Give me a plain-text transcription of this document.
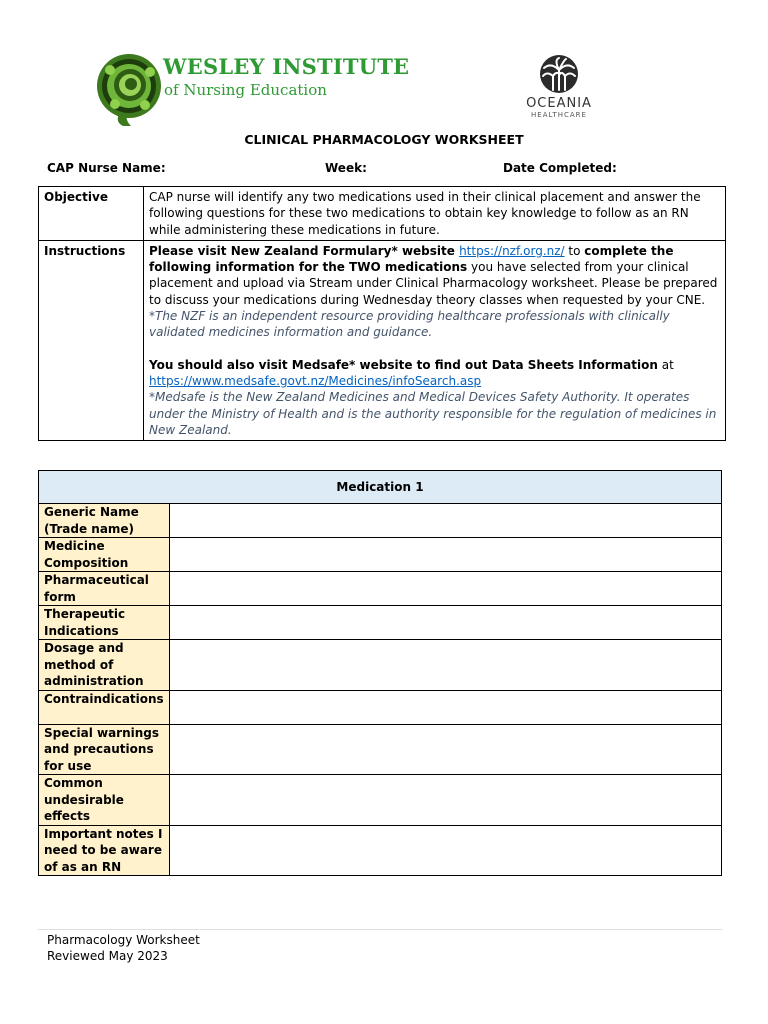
WESLEY INSTITUTE
of Nursing Education
OCEANIA
HEALTHCARE
CLINICAL PHARMACOLOGY WORKSHEET
CAP Nurse Name:	Week:	Date Completed:
Objective	CAP nurse will identify any two medications used in their clinical placement and answer the following questions for these two medications to obtain key knowledge to follow as an RN while administering these medications in future.
Instructions	Please visit New Zealand Formulary* website https://nzf.org.nz/ to complete the following information for the TWO medications you have selected from your clinical placement and upload via Stream under Clinical Pharmacology worksheet. Please be prepared to discuss your medications during Wednesday theory classes when requested by your CNE.
*The NZF is an independent resource providing healthcare professionals with clinically validated medicines information and guidance.
You should also visit Medsafe* website to find out Data Sheets Information at
https://www.medsafe.govt.nz/Medicines/infoSearch.asp
*Medsafe is the New Zealand Medicines and Medical Devices Safety Authority. It operates under the Ministry of Health and is the authority responsible for the regulation of medicines in New Zealand.
Medication 1	
Generic Name (Trade name)	
Medicine Composition	
Pharmaceutical form	
Therapeutic Indications	
Dosage and method of administration	
Contraindications	
Special warnings and precautions for use	
Common undesirable effects	
Important notes I need to be aware of as an RN	
Pharmacology Worksheet
Reviewed May 2023
